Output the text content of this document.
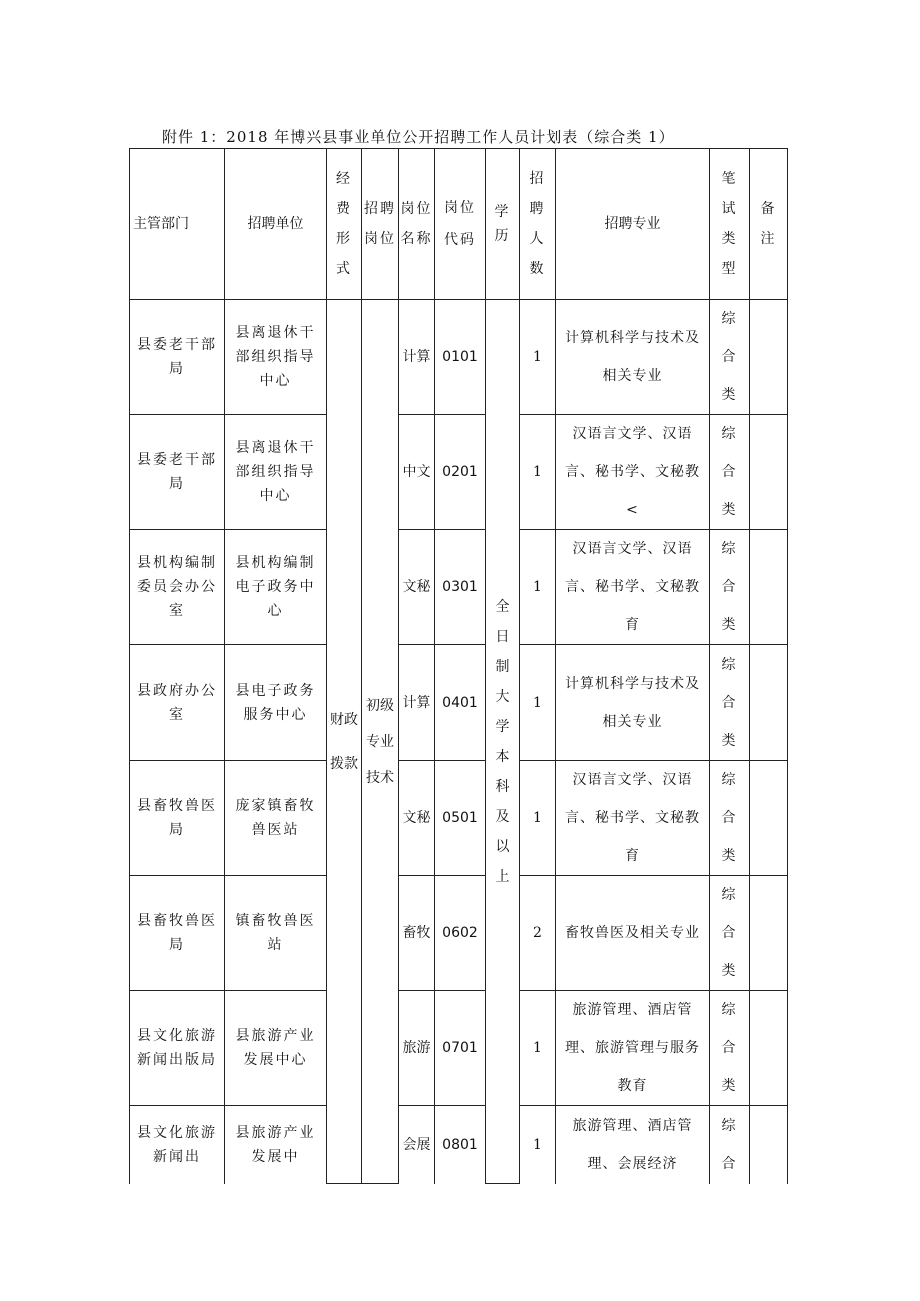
附件 1：2018 年博兴县事业单位公开招聘工作人员计划表（综合类 1）
主管部门	招聘单位	经费形式	招聘岗位	岗位名称	岗位代码	学历	招聘人数	招聘专业	笔试类型	备注

县委老干部局	县离退休干部组织指导中心	财政拨款	初级专业技术	计算	0101	全日制大学本科及以上	1	计算机科学与技术及相关专业	综合类	

县委老干部局	县离退休干部组织指导中心			中文	0201		1	汉语言文学、汉语言、秘书学、文秘教<	综合类	

县机构编制委员会办公室	县机构编制电子政务中心			文秘	0301		1	汉语言文学、汉语言、秘书学、文秘教育	综合类	

县政府办公室	县电子政务服务中心			计算	0401		1	计算机科学与技术及相关专业	综合类	

县畜牧兽医局	庞家镇畜牧兽医站			文秘	0501		1	汉语言文学、汉语言、秘书学、文秘教育	综合类	

县畜牧兽医局	镇畜牧兽医站			畜牧	0602		2	畜牧兽医及相关专业	综合类	

县文化旅游新闻出版局	县旅游产业发展中心			旅游	0701		1	旅游管理、酒店管理、旅游管理与服务教育	综合类	

县文化旅游新闻出	县旅游产业发展中			会展	0801		1	旅游管理、酒店管理、会展经济	综合	
